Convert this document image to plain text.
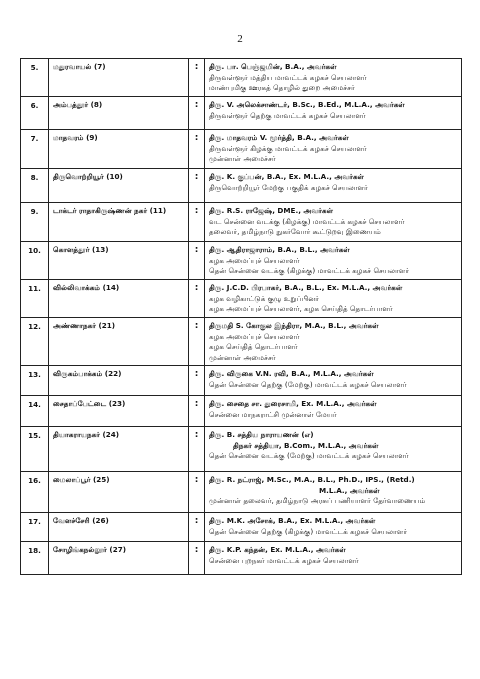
2
5.	மதுரவாயல் (7)	:	திரு. பா. பெஞ்ஜமின், B.A., அவர்கள்
திருவள்ளூர் மத்திய மாவட்டக் கழகச் செயலாளர்
மாண்புமிகு ஊரகத் தொழில் துறை அமைச்சர்

6.	அம்பத்தூர் (8)	:	திரு. V. அலெக்சாண்டர், B.Sc., B.Ed., M.L.A., அவர்கள்
திருவள்ளூர் தெற்கு மாவட்டக் கழகச் செயலாளர்

7.	மாதவரம் (9)	:	திரு. மாதவரம் V. மூர்த்தி, B.A., அவர்கள்
திருவள்ளூர் கிழக்கு மாவட்டக் கழகச் செயலாளர்
முன்னாள் அமைச்சர்

8.	திருவொற்றியூர் (10)	:	திரு. K. குப்பன், B.A., Ex. M.L.A., அவர்கள்
திருவொற்றியூர் மேற்கு பகுதிக் கழகச் செயலாளர்

9.	டாக்டர் ராதாகிருஷ்ணன் நகர் (11)	:	திரு. R.S. ராஜேஷ், DME., அவர்கள்
வட சென்னை வடக்கு (கிழக்கு) மாவட்டக் கழகச் செயலாளர்
தலைவர், தமிழ்நாடு நுகர்வோர் கூட்டுறவு இணையம்

10.	கொளத்தூர் (13)	:	திரு. ஆதிராஜாராம், B.A., B.L., அவர்கள்
கழக அமைப்புச் செயலாளர்
தென் சென்னை வடக்கு (கிழக்கு) மாவட்டக் கழகச் செயலாளர்

11.	வில்லிவாக்கம் (14)	:	திரு. J.C.D. பிரபாகர், B.A., B.L., Ex. M.L.A., அவர்கள்
கழக வழிகாட்டுக் குழு உறுப்பினர்
கழக அமைப்புச் செயலாளர், கழக செய்தித் தொடர்பாளர்

12.	அண்ணாநகர் (21)	:	திருமதி S. கோகுல இந்திரா, M.A., B.L., அவர்கள்
கழக அமைப்புச் செயலாளர்
கழக செய்தித் தொடர்பாளர்
முன்னாள் அமைச்சர்

13.	விருகம்பாக்கம் (22)	:	திரு. விருகை V.N. ரவி, B.A., M.L.A., அவர்கள்
தென் சென்னை தெற்கு (மேற்கு) மாவட்டக் கழகச் செயலாளர்

14.	சைதாப்பேட்டை (23)	:	திரு. சைதை சா. துரைசாமி, Ex. M.L.A., அவர்கள்
சென்னை மாநகராட்சி முன்னாள் மேயர்

15.	தியாகராயநகர் (24)	:	திரு. B. சத்திய நாராயணன் (எ)
திநகர் சத்தியா, B.Com., M.L.A., அவர்கள்
தென் சென்னை வடக்கு (மேற்கு) மாவட்டக் கழகச் செயலாளர்

16.	மைலாப்பூர் (25)	:	திரு. R. நட்ராஜ், M.Sc., M.A., B.L., Ph.D., IPS., (Retd.)
M.L.A., அவர்கள்
முன்னாள் தலைவர், தமிழ்நாடு அரசுப் பணியாளர் தேர்வாணையம்

17.	வேளச்சேரி (26)	:	திரு. M.K. அசோக், B.A., Ex. M.L.A., அவர்கள்
தென் சென்னை தெற்கு (கிழக்கு) மாவட்டக் கழகச் செயலாளர்

18.	சோழிங்கநல்லூர் (27)	:	திரு. K.P. கந்தன், Ex. M.L.A., அவர்கள்
சென்னை புறநகர் மாவட்டக் கழகச் செயலாளர்
